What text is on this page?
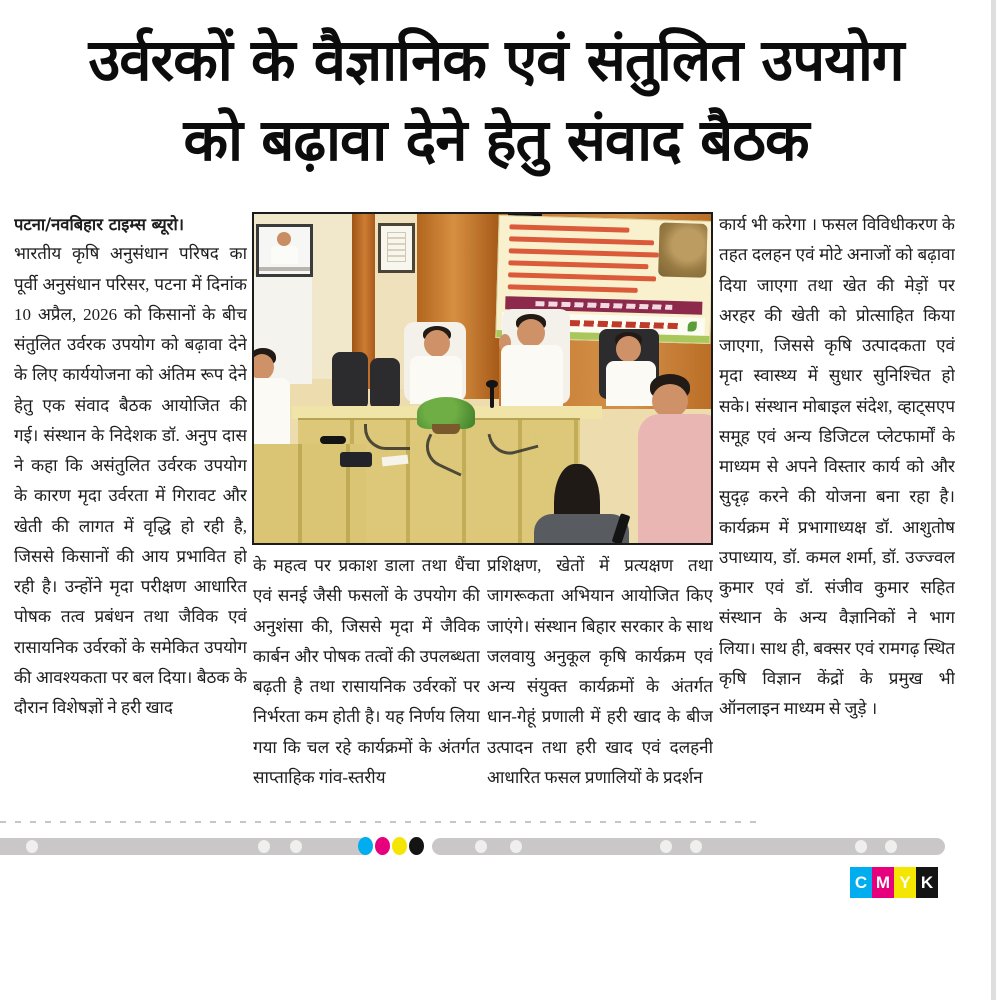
उर्वरकों के वैज्ञानिक एवं संतुलित उपयोग
को बढ़ावा देने हेतु संवाद बैठक
पटना/नवबिहार टाइम्स ब्यूरो।
भारतीय कृषि अनुसंधान परिषद का पूर्वी अनुसंधान परिसर, पटना में दिनांक 10 अप्रैल, 2026 को किसानों के बीच संतुलित उर्वरक उपयोग को बढ़ावा देने के लिए कार्ययोजना को अंतिम रूप देने हेतु एक संवाद बैठक आयोजित की गई। संस्थान के निदेशक डॉ. अनुप दास ने कहा कि असंतुलित उर्वरक उपयोग के कारण मृदा उर्वरता में गिरावट और खेती की लागत में वृद्धि हो रही है, जिससे किसानों की आय प्रभावित हो रही है। उन्होंने मृदा परीक्षण आधारित पोषक तत्व प्रबंधन तथा जैविक एवं रासायनिक उर्वरकों के समेकित उपयोग की आवश्यकता पर बल दिया। बैठक के दौरान विशेषज्ञों ने हरी खाद
के महत्व पर प्रकाश डाला तथा धैंचा एवं सनई जैसी फसलों के उपयोग की अनुशंसा की, जिससे मृदा में जैविक कार्बन और पोषक तत्वों की उपलब्धता बढ़ती है तथा रासायनिक उर्वरकों पर निर्भरता कम होती है। यह निर्णय लिया गया कि चल रहे कार्यक्रमों के अंतर्गत साप्ताहिक गांव-स्तरीय
प्रशिक्षण, खेतों में प्रत्यक्षण तथा जागरूकता अभियान आयोजित किए जाएंगे। संस्थान बिहार सरकार के साथ जलवायु अनुकूल कृषि कार्यक्रम एवं अन्य संयुक्त कार्यक्रमों के अंतर्गत धान-गेहूं प्रणाली में हरी खाद के बीज उत्पादन तथा हरी खाद एवं दलहनी आधारित फसल प्रणालियों के प्रदर्शन
कार्य भी करेगा । फसल विविधीकरण के तहत दलहन एवं मोटे अनाजों को बढ़ावा दिया जाएगा तथा खेत की मेड़ों पर अरहर की खेती को प्रोत्साहित किया जाएगा, जिससे कृषि उत्पादकता एवं मृदा स्वास्थ्य में सुधार सुनिश्चित हो सके। संस्थान मोबाइल संदेश, व्हाट्सएप समूह एवं अन्य डिजिटल प्लेटफार्मों के माध्यम से अपने विस्तार कार्य को और सुदृढ़ करने की योजना बना रहा है। कार्यक्रम में प्रभागाध्यक्ष डॉ. आशुतोष उपाध्याय, डॉ. कमल शर्मा, डॉ. उज्ज्वल कुमार एवं डॉ. संजीव कुमार सहित संस्थान के अन्य वैज्ञानिकों ने भाग लिया। साथ ही, बक्सर एवं रामगढ़ स्थित कृषि विज्ञान केंद्रों के प्रमुख भी ऑनलाइन माध्यम से जुड़े ।
C M Y K
